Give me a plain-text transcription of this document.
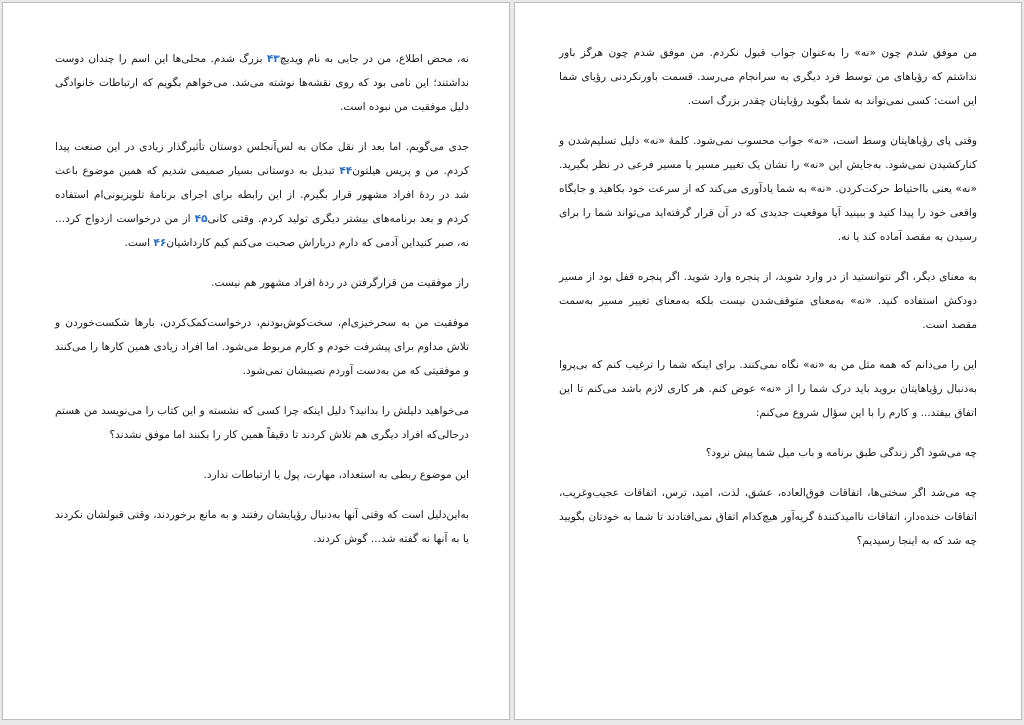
نه، محض اطلاع، من در جایی به نام ویدیچ۴۳ بزرگ شدم. محلی‌ها این اسم را چندان دوست نداشتند؛ این نامی بود که روی نقشه‌ها نوشته می‌شد. می‌خواهم بگویم که ارتباطات خانوادگی دلیل موفقیت من نبوده است.

جدی می‌گویم. اما بعد از نقل مکان به لس‌آنجلس دوستان تأثیرگذار زیادی در این صنعت پیدا کردم. من و پریس هیلتون۴۴ تبدیل به دوستانی بسیار صمیمی شدیم که همین موضوع باعث شد در ردهٔ افراد مشهور قرار بگیرم. از این رابطه برای اجرای برنامهٔ تلویزیونی‌ام استفاده کردم و بعد برنامه‌های بیشتر دیگری تولید کردم. وقتی کانی۴۵ از من درخواست ازدواج کرد... نه، صبر کنید‌این آدمی که دارم دربار‌اش صحبت می‌کنم کیم کارداشیان۴۶ است.

راز موفقیت من قرارگرفتن در ردهٔ افراد مشهور هم نیست.

موفقیت من به سحرخیزی‌ام، سخت‌کوش‌بودنم، درخواست‌کمک‌کردن، بارها شکست‌خوردن و تلاش مداوم برای پیشرفت خودم و کارم مربوط می‌شود. اما افراد زیادی همین کارها را می‌کنند و موفقیتی که من به‌دست آوردم نصیبشان نمی‌شود.

می‌خواهید دلیلش را بدانید؟ دلیل اینکه چرا کسی که نشسته و این کتاب را می‌نویسد من هستم درحالی‌که افراد دیگری هم تلاش کردند تا دقیقاً همین کار را بکنند اما موفق نشدند؟

این موضوع ربطی به استعداد، مهارت، پول یا ارتباطات ندارد.

به‌این‌دلیل است که وقتی آنها به‌دنبال رؤیایشان رفتند و به مانع برخوردند، وقتی قبولشان نکردند یا به آنها نه گفته شد... گوش کردند.

من موفق شدم چون «نه» را به‌عنوان جواب قبول نکردم. من موفق شدم چون هرگز باور نداشتم که رؤیاهای من توسط فرد دیگری به سرانجام می‌رسد. قسمت باورنکردنی رؤیای شما این است: کسی نمی‌تواند به شما بگوید رؤیایتان چقدر بزرگ است.

وقتی پای رؤیاهایتان وسط است، «نه» جواب محسوب نمی‌شود. کلمهٔ «نه» دلیل تسلیم‌شدن و کنارکشیدن نمی‌شود. به‌جایش این «نه» را نشان یک تغییر مسیر یا مسیر فرعی در نظر بگیرید. «نه» یعنی بااحتیاط حرکت‌کردن. «نه» به شما یادآوری می‌کند که از سرعت خود بکاهید و جایگاه واقعی خود را پیدا کنید و ببینید آیا موقعیت جدیدی که در آن قرار گرفته‌اید می‌تواند شما را برای رسیدن به مقصد آماده کند یا نه.

به معنای دیگر، اگر نتوانستید از در وارد شوید، از پنجره وارد شوید. اگر پنجره قفل بود از مسیر دودکش استفاده کنید. «نه» به‌معنای متوقف‌شدن نیست بلکه به‌معنای تغییر مسیر به‌سمت مقصد است.

این را می‌دانم که همه مثل من به «نه» نگاه نمی‌کنند. برای اینکه شما را ترغیب کنم که بی‌پروا به‌دنبال رؤیاهایتان بروید باید درک شما را از «نه» عوض کنم. هر کاری لازم باشد می‌کنم تا این اتفاق بیفتد... و کارم را با این سؤال شروع می‌کنم:

چه می‌شود اگر زندگی طبق برنامه و باب میل شما پیش نرود؟

چه می‌شد اگر سختی‌ها، اتفاقات فوق‌العاده، عشق، لذت، امید، ترس، اتفاقات عجیب‌وغریب، اتفاقات خنده‌دار، اتفاقات ناامیدکنندهٔ گریه‌آور هیچ‌کدام اتفاق نمی‌افتادند تا شما به خودتان بگویید چه شد که به اینجا رسیدیم؟
